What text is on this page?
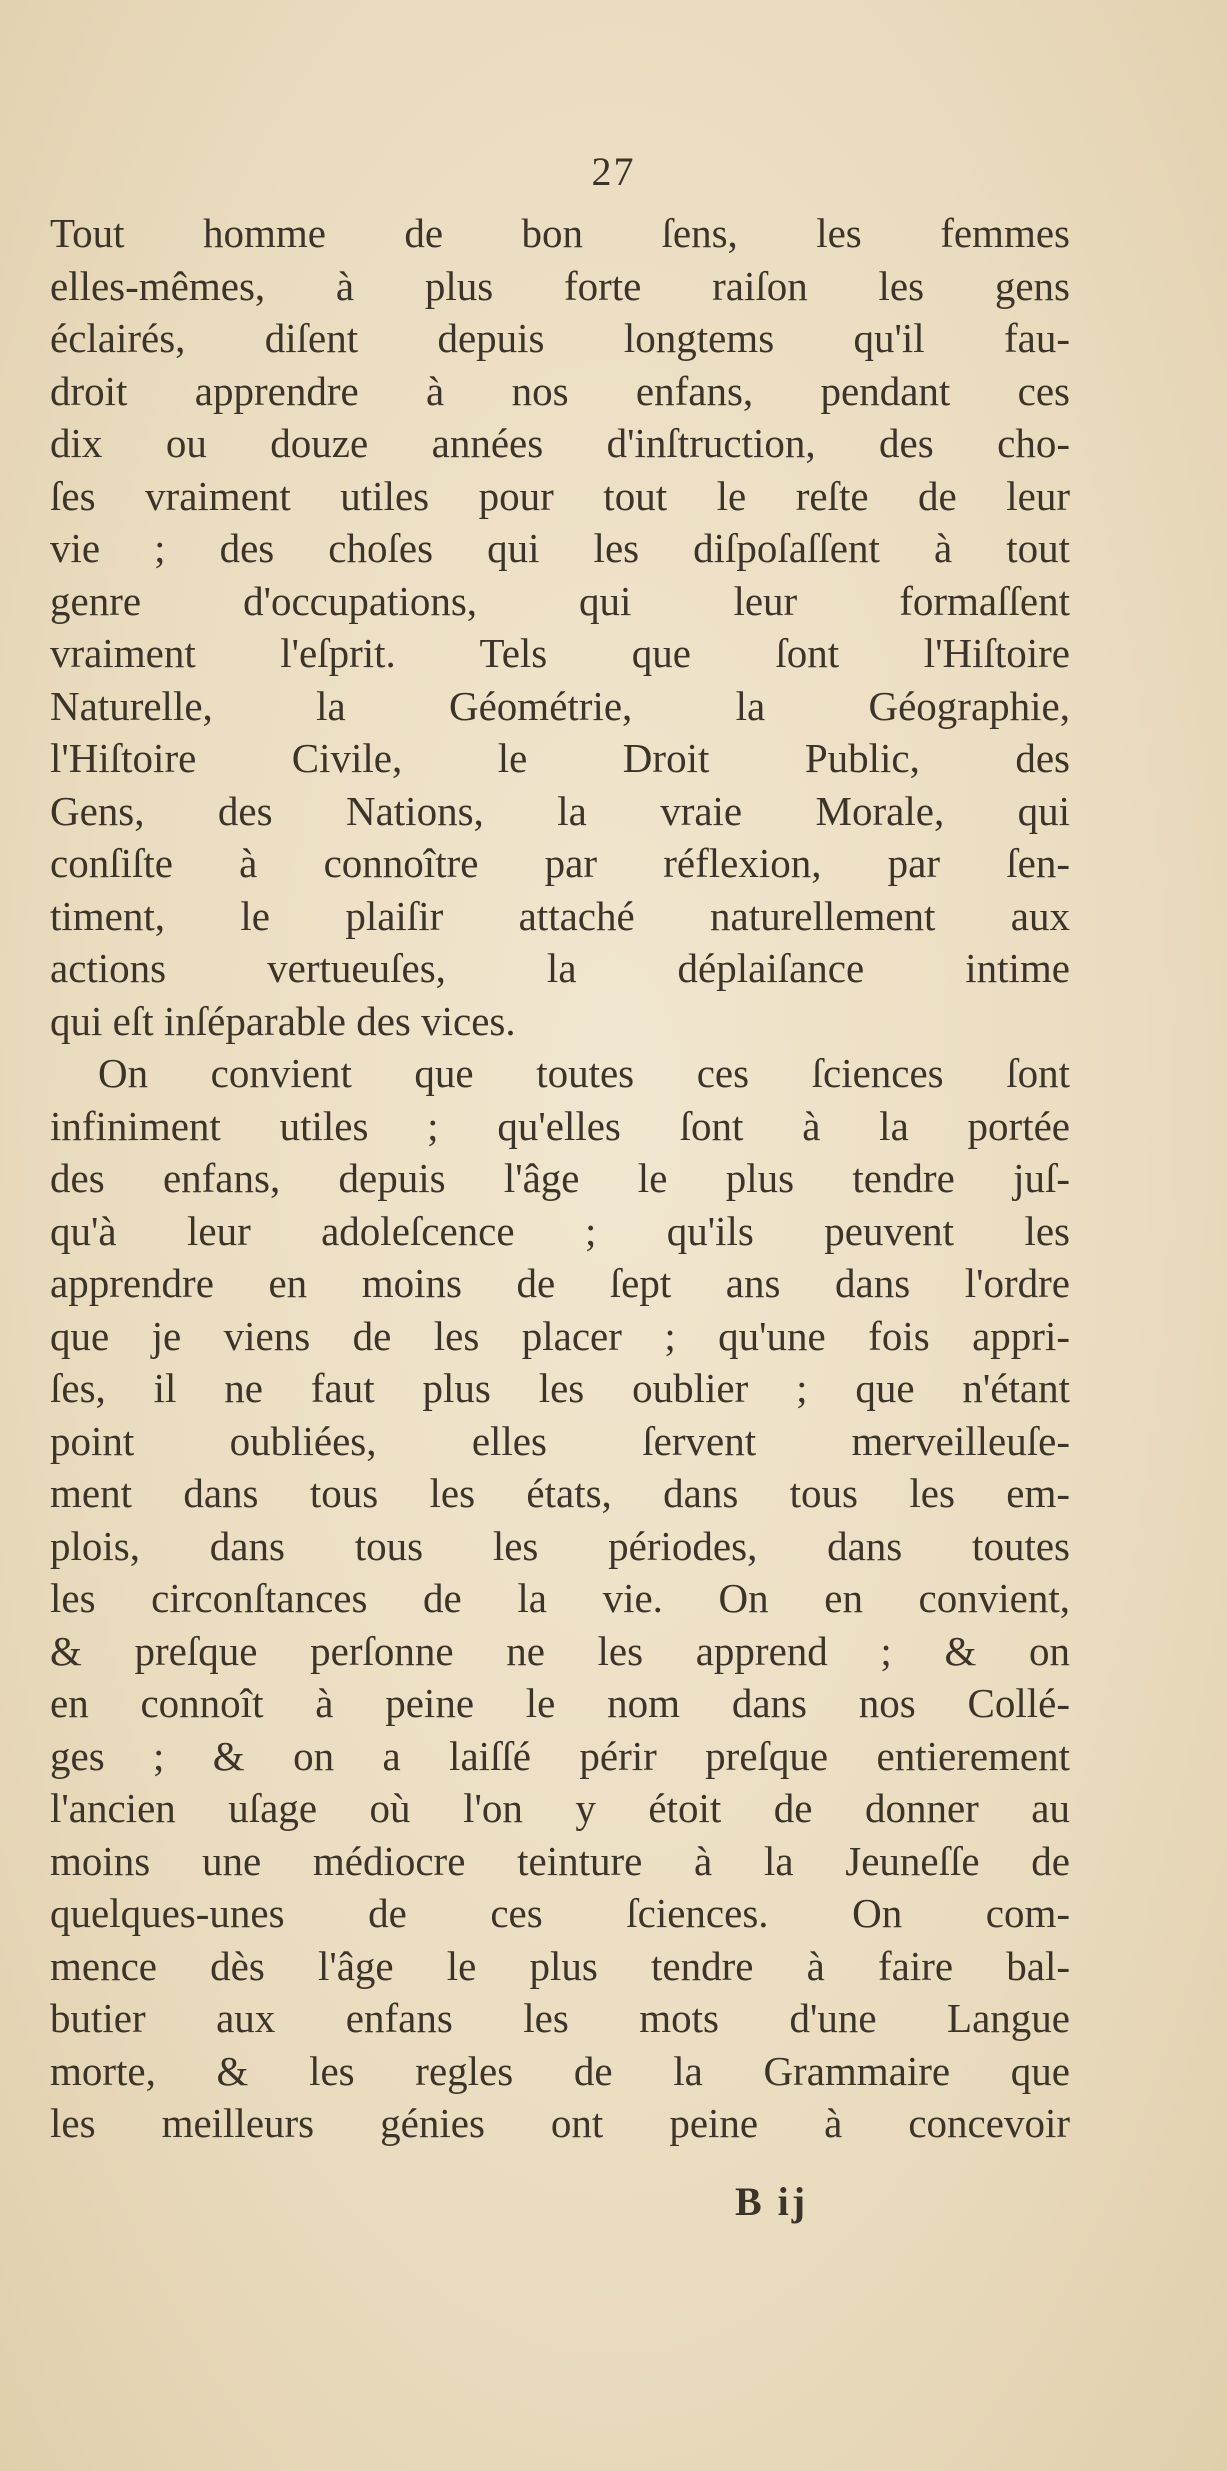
27
Tout homme de bon ſens, les femmes
elles-mêmes, à plus forte raiſon les gens
éclairés, diſent depuis longtems qu'il fau-
droit apprendre à nos enfans, pendant ces
dix ou douze années d'inſtruction, des cho-
ſes vraiment utiles pour tout le reſte de leur
vie ; des choſes qui les diſpoſaſſent à tout
genre d'occupations, qui leur formaſſent
vraiment l'eſprit. Tels que ſont l'Hiſtoire
Naturelle, la Géométrie, la Géographie,
l'Hiſtoire Civile, le Droit Public, des
Gens, des Nations, la vraie Morale, qui
conſiſte à connoître par réflexion, par ſen-
timent, le plaiſir attaché naturellement aux
actions vertueuſes, la déplaiſance intime
qui eſt inſéparable des vices.
On convient que toutes ces ſciences ſont
infiniment utiles ; qu'elles ſont à la portée
des enfans, depuis l'âge le plus tendre juſ-
qu'à leur adoleſcence ; qu'ils peuvent les
apprendre en moins de ſept ans dans l'ordre
que je viens de les placer ; qu'une fois appri-
ſes, il ne faut plus les oublier ; que n'étant
point oubliées, elles ſervent merveilleuſe-
ment dans tous les états, dans tous les em-
plois, dans tous les périodes, dans toutes
les circonſtances de la vie. On en convient,
& preſque perſonne ne les apprend ; & on
en connoît à peine le nom dans nos Collé-
ges ; & on a laiſſé périr preſque entierement
l'ancien uſage où l'on y étoit de donner au
moins une médiocre teinture à la Jeuneſſe de
quelques-unes de ces ſciences. On com-
mence dès l'âge le plus tendre à faire bal-
butier aux enfans les mots d'une Langue
morte, & les regles de la Grammaire que
les meilleurs génies ont peine à concevoir
B ij
